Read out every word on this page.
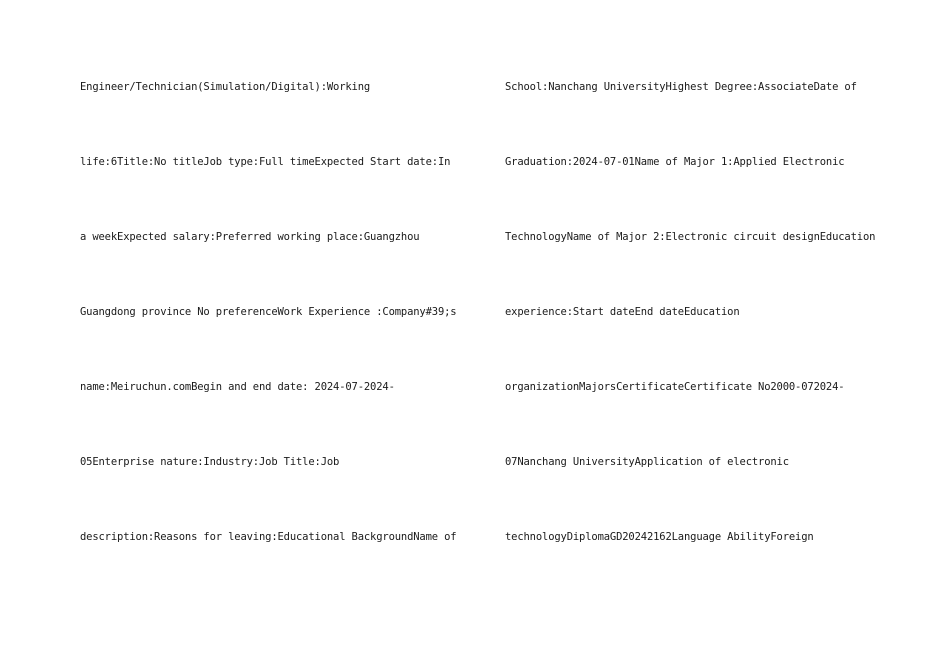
Engineer/Technician(Simulation/Digital):Working
life:6Title:No titleJob type:Full timeExpected Start date:In
a weekExpected salary:Preferred working place:Guangzhou
Guangdong province No preferenceWork Experience :Company#39;s
name:Meiruchun.comBegin and end date: 2024-07-2024-
05Enterprise nature:Industry:Job Title:Job
description:Reasons for leaving:Educational BackgroundName of
School:Nanchang UniversityHighest Degree:AssociateDate of
Graduation:2024-07-01Name of Major 1:Applied Electronic
TechnologyName of Major 2:Electronic circuit designEducation
experience:Start dateEnd dateEducation
organizationMajorsCertificateCertificate No2000-072024-
07Nanchang UniversityApplication of electronic
technologyDiplomaGD20242162Language AbilityForeign
